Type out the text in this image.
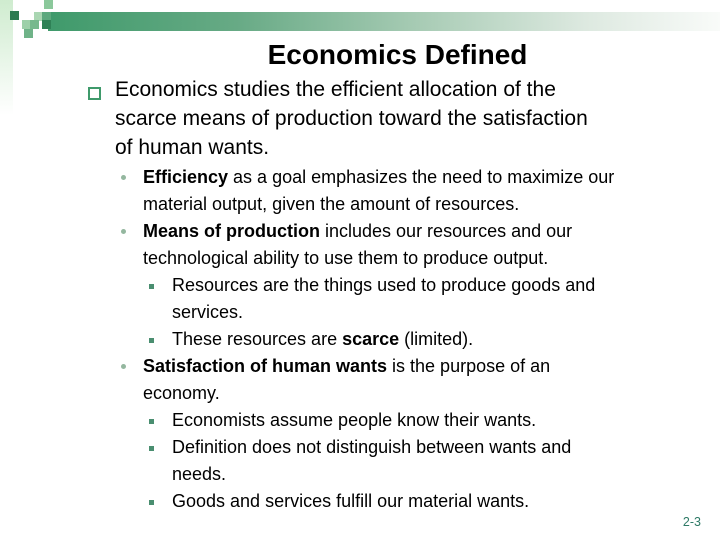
Economics Defined
Economics studies the efficient allocation of the
scarce means of production toward the satisfaction
of human wants.
Efficiency as a goal emphasizes the need to maximize our
material output, given the amount of resources.
Means of production includes our resources and our
technological ability to use them to produce output.
Resources are the things used to produce goods and
services.
These resources are scarce (limited).
Satisfaction of human wants is the purpose of an
economy.
Economists assume people know their wants.
Definition does not distinguish between wants and
needs.
Goods and services fulfill our material wants.
2-3
